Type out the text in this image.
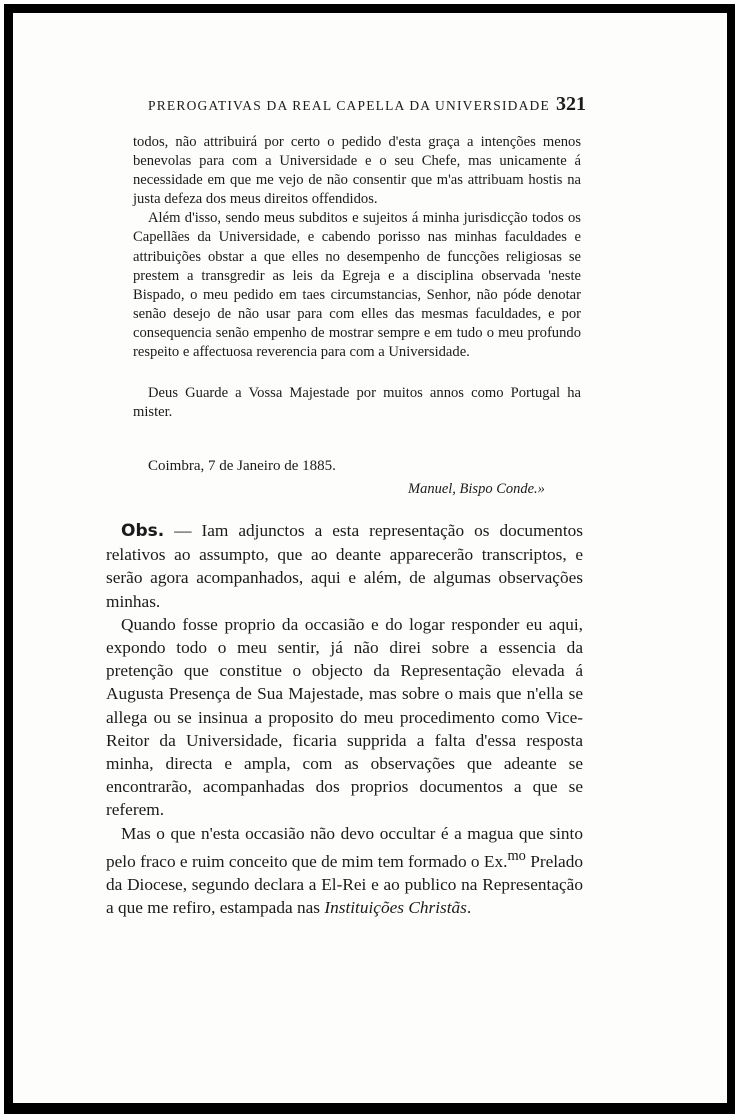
PREROGATIVAS DA REAL CAPELLA DA UNIVERSIDADE 321

todos, não attribuirá por certo o pedido d'esta graça a intenções menos benevolas para com a Universidade e o seu Chefe, mas unicamente á necessidade em que me vejo de não consentir que m'as attribuam hostis na justa defeza dos meus direitos offendidos.

Além d'isso, sendo meus subditos e sujeitos á minha jurisdicção todos os Capellães da Universidade, e cabendo porisso nas minhas faculdades e attribuições obstar a que elles no desempenho de funcções religiosas se prestem a transgredir as leis da Egreja e a disciplina observada 'neste Bispado, o meu pedido em taes circumstancias, Senhor, não póde denotar senão desejo de não usar para com elles das mesmas faculdades, e por consequencia senão empenho de mostrar sempre e em tudo o meu profundo respeito e affectuosa reverencia para com a Universidade.

Deus Guarde a Vossa Majestade por muitos annos como Portugal ha mister.

Coimbra, 7 de Janeiro de 1885.
Manuel, Bispo Conde.»

Obs. — Iam adjunctos a esta representação os documentos relativos ao assumpto, que ao deante apparecerão transcriptos, e serão agora acompanhados, aqui e além, de algumas observações minhas.

Quando fosse proprio da occasião e do logar responder eu aqui, expondo todo o meu sentir, já não direi sobre a essencia da pretenção que constitue o objecto da Representação elevada á Augusta Presença de Sua Majestade, mas sobre o mais que n'ella se allega ou se insinua a proposito do meu procedimento como Vice-Reitor da Universidade, ficaria supprida a falta d'essa resposta minha, directa e ampla, com as observações que adeante se encontrarão, acompanhadas dos proprios documentos a que se referem.

Mas o que n'esta occasião não devo occultar é a magua que sinto pelo fraco e ruim conceito que de mim tem formado o Ex.$^{mo}$ Prelado da Diocese, segundo declara a El-Rei e ao publico na Representação a que me refiro, estampada nas Instituições Christãs.
